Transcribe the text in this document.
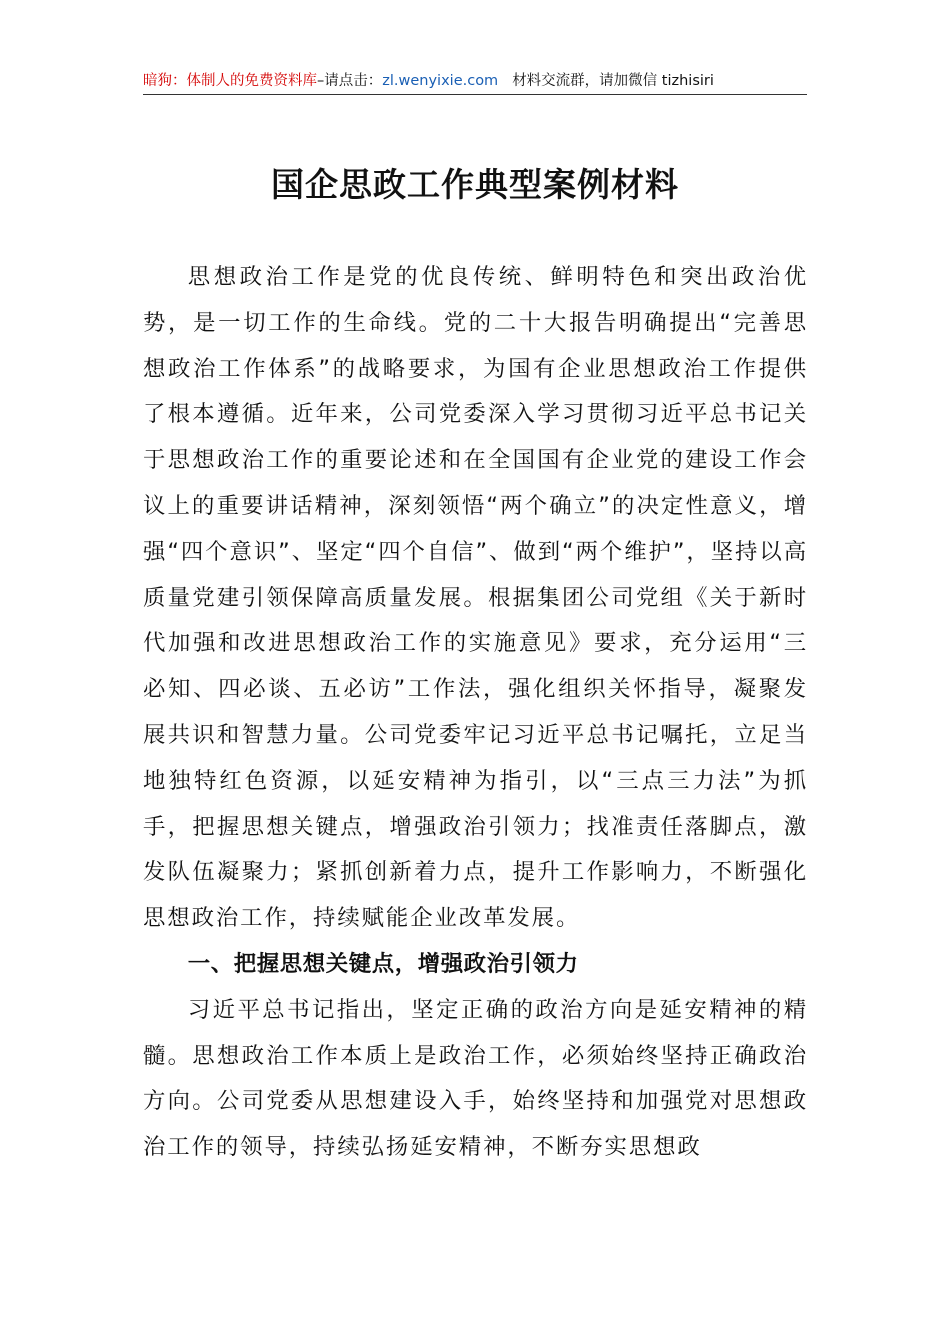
暗狗：体制人的免费资料库–请点击：zl.wenyixie.com 材料交流群，请加微信 tizhisiri
国企思政工作典型案例材料

思想政治工作是党的优良传统、鲜明特色和突出政治优势，是一切工作的生命线。党的二十大报告明确提出“完善思想政治工作体系”的战略要求，为国有企业思想政治工作提供了根本遵循。近年来，公司党委深入学习贯彻习近平总书记关于思想政治工作的重要论述和在全国国有企业党的建设工作会议上的重要讲话精神，深刻领悟“两个确立”的决定性意义，增强“四个意识”、坚定“四个自信”、做到“两个维护”，坚持以高质量党建引领保障高质量发展。根据集团公司党组《关于新时代加强和改进思想政治工作的实施意见》要求，充分运用“三必知、四必谈、五必访”工作法，强化组织关怀指导，凝聚发展共识和智慧力量。公司党委牢记习近平总书记嘱托，立足当地独特红色资源，以延安精神为指引，以“三点三力法”为抓手，把握思想关键点，增强政治引领力；找准责任落脚点，激发队伍凝聚力；紧抓创新着力点，提升工作影响力，不断强化思想政治工作，持续赋能企业改革发展。

一、把握思想关键点，增强政治引领力

习近平总书记指出，坚定正确的政治方向是延安精神的精髓。思想政治工作本质上是政治工作，必须始终坚持正确政治方向。公司党委从思想建设入手，始终坚持和加强党对思想政治工作的领导，持续弘扬延安精神，不断夯实思想政
